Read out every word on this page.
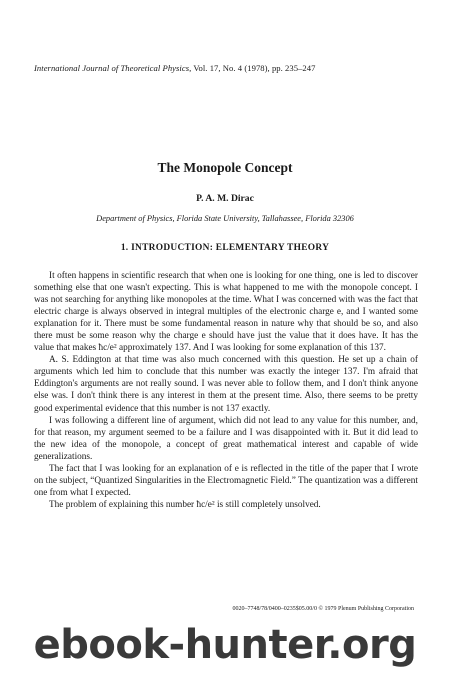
International Journal of Theoretical Physics, Vol. 17, No. 4 (1978), pp. 235–247
The Monopole Concept
P. A. M. Dirac
Department of Physics, Florida State University, Tallahassee, Florida 32306
1. INTRODUCTION: ELEMENTARY THEORY

It often happens in scientific research that when one is looking for one thing, one is led to discover something else that one wasn't expecting. This is what happened to me with the monopole concept. I was not searching for anything like monopoles at the time. What I was concerned with was the fact that electric charge is always observed in integral multiples of the electronic charge e, and I wanted some explanation for it. There must be some fundamental reason in nature why that should be so, and also there must be some reason why the charge e should have just the value that it does have. It has the value that makes ħc/e² approximately 137. And I was looking for some explanation of this 137.

A. S. Eddington at that time was also much concerned with this question. He set up a chain of arguments which led him to conclude that this number was exactly the integer 137. I'm afraid that Eddington's arguments are not really sound. I was never able to follow them, and I don't think anyone else was. I don't think there is any interest in them at the present time. Also, there seems to be pretty good experimental evidence that this number is not 137 exactly.

I was following a different line of argument, which did not lead to any value for this number, and, for that reason, my argument seemed to be a failure and I was disappointed with it. But it did lead to the new idea of the monopole, a concept of great mathematical interest and capable of wide generalizations.

The fact that I was looking for an explanation of e is reflected in the title of the paper that I wrote on the subject, “Quantized Singularities in the Electromagnetic Field.” The quantization was a different one from what I expected.

The problem of explaining this number ħc/e² is still completely unsolved.

0020–7748/78/0400–0235$05.00/0 © 1979 Plenum Publishing Corporation
ebook-hunter.org
